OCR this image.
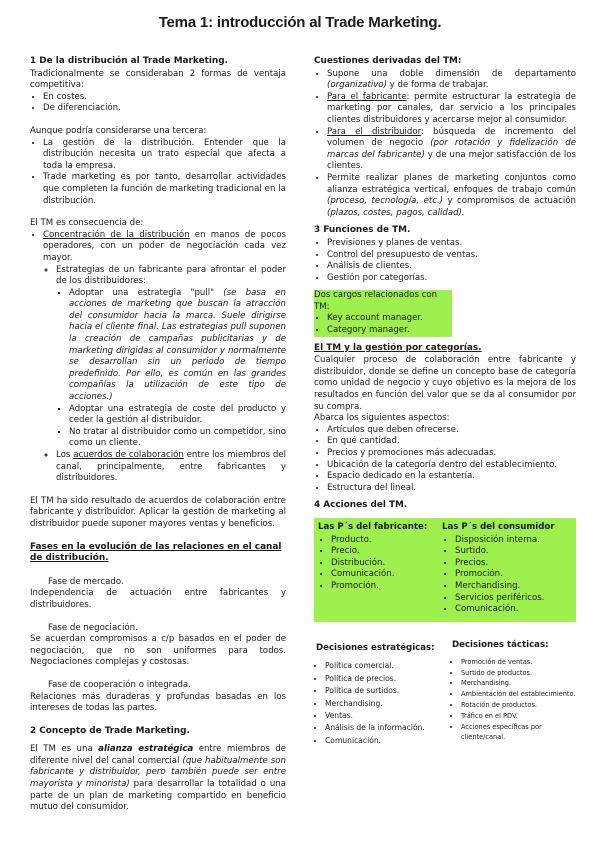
Tema 1: introducción al Trade Marketing.
1 De la distribución al Trade Marketing.

Tradicionalmente se consideraban 2 formas de ventaja competitiva:

• En costes.
• De diferenciación.

Aunque podría considerarse una tercera:

• La gestión de la distribución. Entender que la distribución necesita un trato especial que afecta a toda la empresa.

• Trade marketing es por tanto, desarrollar actividades que completen la función de marketing tradicional en la distribución.

El TM es consecuencia de:

• Concentración de la distribución en manos de pocos operadores, con un poder de negociación cada vez mayor.

◦ Estrategias de un fabricante para afrontar el poder de los distribuidores:

▪ Adoptar una estrategia "pull" (se basa en acciones de marketing que buscan la atracción del consumidor hacia la marca. Suele dirigirse hacia el cliente final. Las estrategias pull suponen la creación de campañas publicitarias y de marketing dirigidas al consumidor y normalmente se desarrollan sin un periodo de tiempo predefinido. Por ello, es común en las grandes compañías la utilización de este tipo de acciones.)

▪ Adoptar una estrategia de coste del producto y ceder la gestión al distribuidor.

▪ No tratar al distribuidor como un competidor, sino como un cliente.

◦ Los acuerdos de colaboración entre los miembros del canal, principalmente, entre fabricantes y distribuidores.

El TM ha sido resultado de acuerdos de colaboración entre fabricante y distribuidor. Aplicar la gestión de marketing al distribuidor puede suponer mayores ventas y beneficios.

Fases en la evolución de las relaciones en el canal de distribución.

Fase de mercado.

Independencia de actuación entre fabricantes y distribuidores.

Fase de negociación.

Se acuerdan compromisos a c/p basados en el poder de negociación, que no son uniformes para todos. Negociaciones complejas y costosas.

Fase de cooperación o integrada.

Relaciones más duraderas y profundas basadas en los intereses de todas las partes.

2 Concepto de Trade Marketing.

El TM es una alianza estratégica entre miembros de diferente nivel del canal comercial (que habitualmente son fabricante y distribuidor, pero también puede ser entre mayorista y minorista) para desarrollar la totalidad o una parte de un plan de marketing compartido en beneficio mutuo del consumidor.

Cuestiones derivadas del TM:

• Supone una doble dimensión de departamento (organizativo) y de forma de trabajar.

• Para el fabricante: permite estructurar la estrategia de marketing por canales, dar servicio a los principales clientes distribuidores y acercarse mejor al consumidor.

• Para el distribuidor: búsqueda de incremento del volumen de negocio (por rotación y fidelización de marcas del fabricante) y de una mejor satisfacción de los clientes.

• Permite realizar planes de marketing conjuntos como alianza estratégica vertical, enfoques de trabajo común (proceso, tecnología, etc.) y compromisos de actuación (plazos, costes, pagos, calidad).

3 Funciones de TM.
• Previsiones y planes de ventas.
• Control del presupuesto de ventas.
• Análisis de clientes.
• Gestión por categorías.
Dos cargos relacionados con TM:
• Key account manager.
• Category manager.
El TM y la gestión por categorías.

Cualquier proceso de colaboración entre fabricante y distribuidor, donde se define un concepto base de categoría como unidad de negocio y cuyo objetivo es la mejora de los resultados en función del valor que se da al consumidor por su compra.

Abarca los siguientes aspectos:

• Artículos que deben ofrecerse.
• En qué cantidad.
• Precios y promociones más adecuadas.
• Ubicación de la categoría dentro del establecimiento.
• Espacio dedicado en la estantería.
• Estructura del lineal.
4 Acciones del TM.
Las P´s del fabricante:
• Producto.
• Precio.
• Distribución.
• Comunicación.
• Promoción.
Las P´s del consumidor
• Disposición interna.
• Surtido.
• Precios.
• Promoción.
• Merchandising.
• Servicios periféricos.
• Comunicación.
Decisiones estratégicas:
• Política comercial.
• Política de precios.
• Política de surtidos.
• Merchandising.
• Ventas.
• Análisis de la información.
• Comunicación.
Decisiones tácticas:
• Promoción de ventas.
• Surtido de productos.
• Merchandising.
• Ambientación del establecimiento.
• Rotación de productos.
• Tráfico en el PDV.
• Acciones específicas por cliente/canal.
